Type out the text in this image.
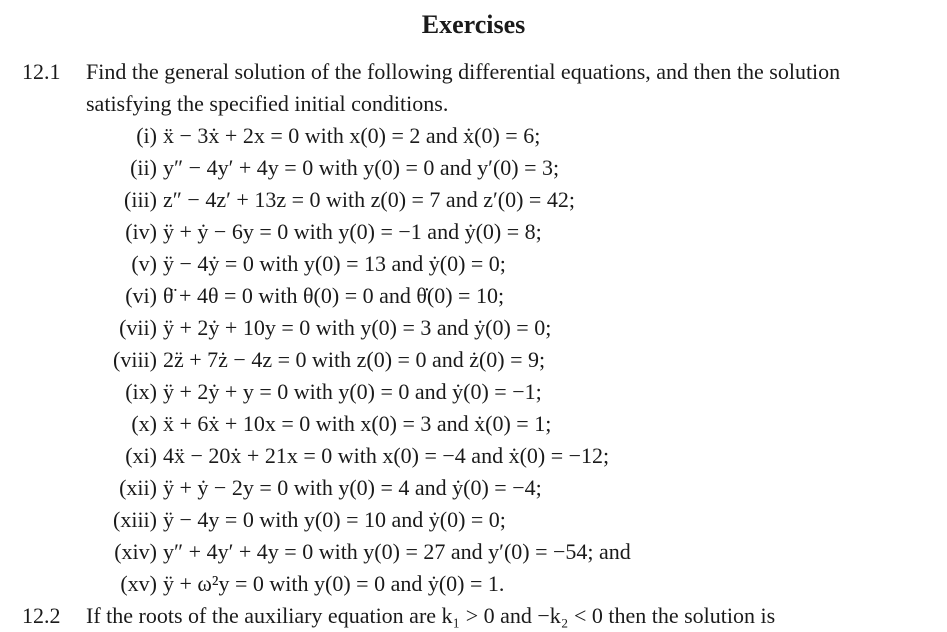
Exercises
12.1 Find the general solution of the following differential equations, and then the solution
satisfying the specified initial conditions.
(i) ẍ − 3ẋ + 2x = 0 with x(0) = 2 and ẋ(0) = 6;
(ii) y″ − 4y′ + 4y = 0 with y(0) = 0 and y′(0) = 3;
(iii) z″ − 4z′ + 13z = 0 with z(0) = 7 and z′(0) = 42;
(iv) ÿ + ẏ − 6y = 0 with y(0) = −1 and ẏ(0) = 8;
(v) ÿ − 4ẏ = 0 with y(0) = 13 and ẏ(0) = 0;
(vi) θ̈ + 4θ = 0 with θ(0) = 0 and θ̇(0) = 10;
(vii) ÿ + 2ẏ + 10y = 0 with y(0) = 3 and ẏ(0) = 0;
(viii) 2z̈ + 7ż − 4z = 0 with z(0) = 0 and ż(0) = 9;
(ix) ÿ + 2ẏ + y = 0 with y(0) = 0 and ẏ(0) = −1;
(x) ẍ + 6ẋ + 10x = 0 with x(0) = 3 and ẋ(0) = 1;
(xi) 4ẍ − 20ẋ + 21x = 0 with x(0) = −4 and ẋ(0) = −12;
(xii) ÿ + ẏ − 2y = 0 with y(0) = 4 and ẏ(0) = −4;
(xiii) ÿ − 4y = 0 with y(0) = 10 and ẏ(0) = 0;
(xiv) y″ + 4y′ + 4y = 0 with y(0) = 27 and y′(0) = −54; and
(xv) ÿ + ω²y = 0 with y(0) = 0 and ẏ(0) = 1.
12.2 If the roots of the auxiliary equation are k₁ > 0 and −k₂ < 0 then the solution is
